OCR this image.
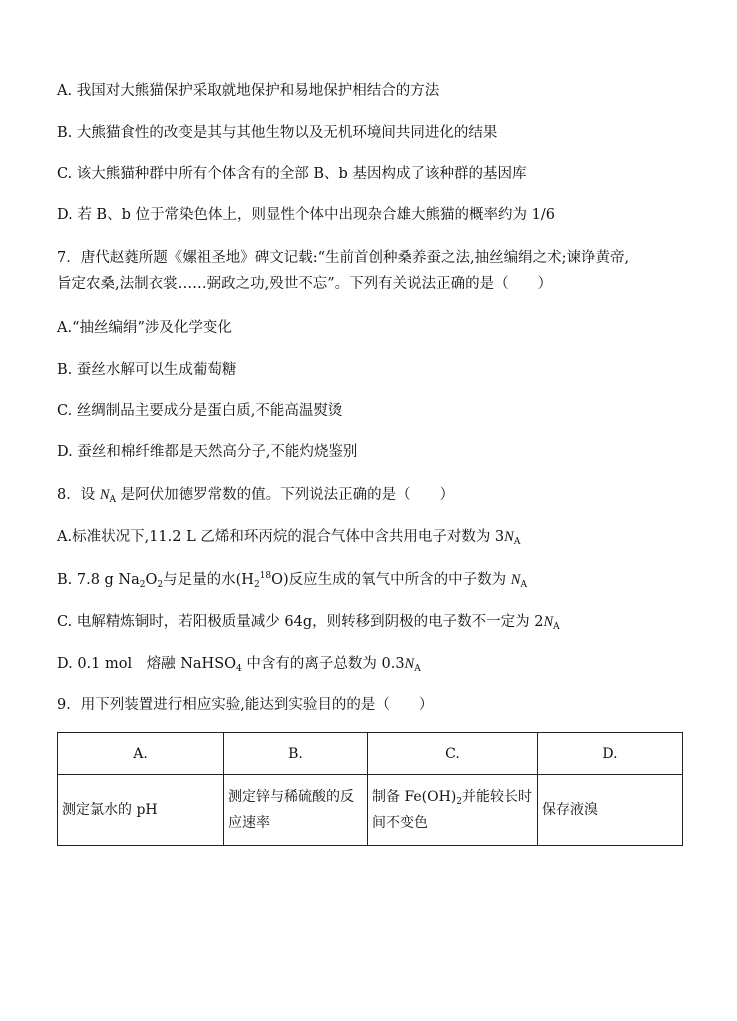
A. 我国对大熊猫保护采取就地保护和易地保护相结合的方法

B. 大熊猫食性的改变是其与其他生物以及无机环境间共同进化的结果

C. 该大熊猫种群中所有个体含有的全部 B、b 基因构成了该种群的基因库

D. 若 B、b 位于常染色体上，则显性个体中出现杂合雄大熊猫的概率约为 1/6

7．唐代赵蕤所题《嫘祖圣地》碑文记载:“生前首创种桑养蚕之法,抽丝编绢之术;谏诤黄帝,

旨定农桑,法制衣裳……弼政之功,殁世不忘”。下列有关说法正确的是（　　）

A.“抽丝编绢”涉及化学变化

B. 蚕丝水解可以生成葡萄糖

C. 丝绸制品主要成分是蛋白质,不能高温熨烫

D. 蚕丝和棉纤维都是天然高分子,不能灼烧鉴别

8．设 $N_A$ 是阿伏加德罗常数的值。下列说法正确的是（　　）

A.标准状况下,11.2 L 乙烯和环丙烷的混合气体中含共用电子对数为 $3N_A$

B. 7.8 g $Na_2O_2$与足量的水$(H_2^{18}O)$反应生成的氧气中所含的中子数为 $N_A$

C. 电解精炼铜时，若阳极质量减少 64g，则转移到阴极的电子数不一定为 $2N_A$

D. 0.1 mol　熔融 NaHSO$_4$ 中含有的离子总数为 $0.3N_A$

9．用下列装置进行相应实验,能达到实验目的的是（　　）

A.	B.	C.	D.
测定氯水的 pH	测定锌与稀硫酸的反应速率	制备 $Fe(OH)_2$并能较长时间不变色	保存液溴
